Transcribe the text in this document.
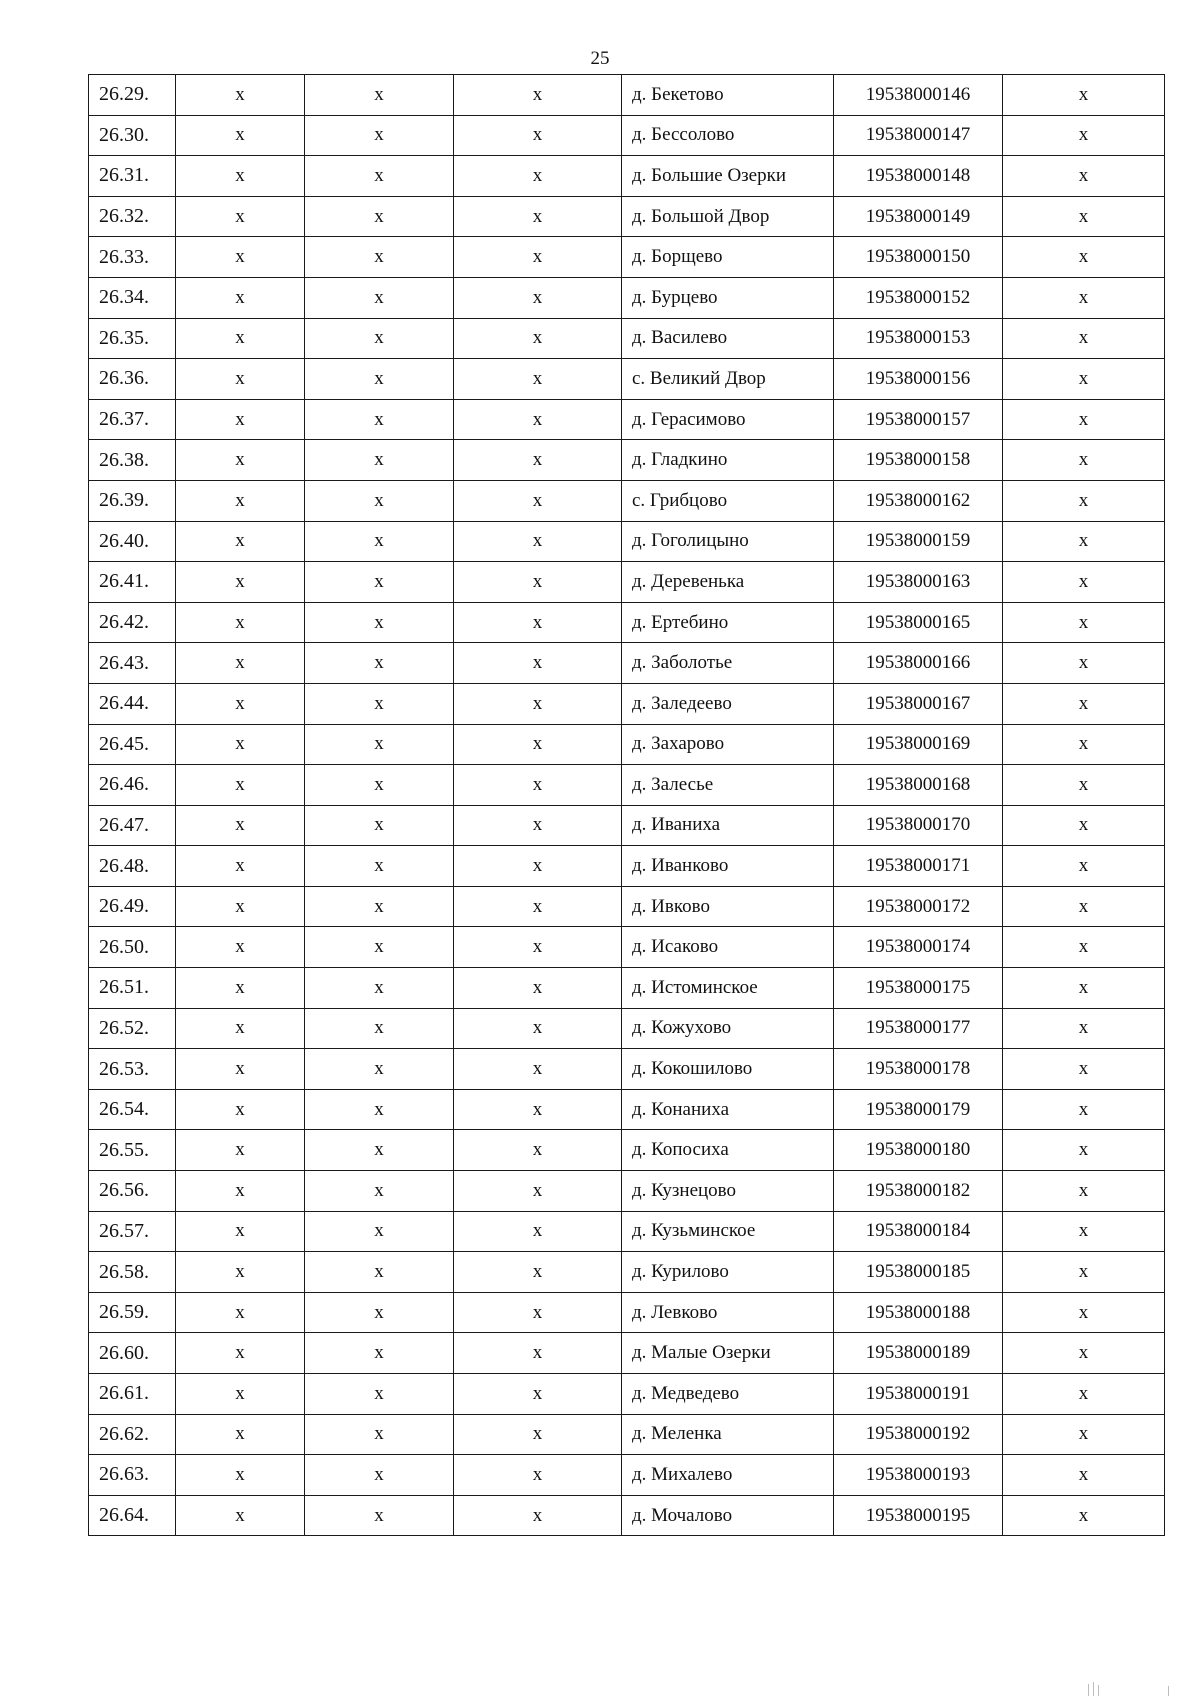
25
26.29.	х	х	х	д. Бекетово	19538000146	х
26.30.	х	х	х	д. Бессолово	19538000147	х
26.31.	х	х	х	д. Большие Озерки	19538000148	х
26.32.	х	х	х	д. Большой Двор	19538000149	х
26.33.	х	х	х	д. Борщево	19538000150	х
26.34.	х	х	х	д. Бурцево	19538000152	х
26.35.	х	х	х	д. Василево	19538000153	х
26.36.	х	х	х	с. Великий Двор	19538000156	х
26.37.	х	х	х	д. Герасимово	19538000157	х
26.38.	х	х	х	д. Гладкино	19538000158	х
26.39.	х	х	х	с. Грибцово	19538000162	х
26.40.	х	х	х	д. Гоголицыно	19538000159	х
26.41.	х	х	х	д. Деревенька	19538000163	х
26.42.	х	х	х	д. Ертебино	19538000165	х
26.43.	х	х	х	д. Заболотье	19538000166	х
26.44.	х	х	х	д. Заледеево	19538000167	х
26.45.	х	х	х	д. Захарово	19538000169	х
26.46.	х	х	х	д. Залесье	19538000168	х
26.47.	х	х	х	д. Иваниха	19538000170	х
26.48.	х	х	х	д. Иванково	19538000171	х
26.49.	х	х	х	д. Ивково	19538000172	х
26.50.	х	х	х	д. Исаково	19538000174	х
26.51.	х	х	х	д. Истоминское	19538000175	х
26.52.	х	х	х	д. Кожухово	19538000177	х
26.53.	х	х	х	д. Кокошилово	19538000178	х
26.54.	х	х	х	д. Конаниха	19538000179	х
26.55.	х	х	х	д. Копосиха	19538000180	х
26.56.	х	х	х	д. Кузнецово	19538000182	х
26.57.	х	х	х	д. Кузьминское	19538000184	х
26.58.	х	х	х	д. Курилово	19538000185	х
26.59.	х	х	х	д. Левково	19538000188	х
26.60.	х	х	х	д. Малые Озерки	19538000189	х
26.61.	х	х	х	д. Медведево	19538000191	х
26.62.	х	х	х	д. Меленка	19538000192	х
26.63.	х	х	х	д. Михалево	19538000193	х
26.64.	х	х	х	д. Мочалово	19538000195	х
